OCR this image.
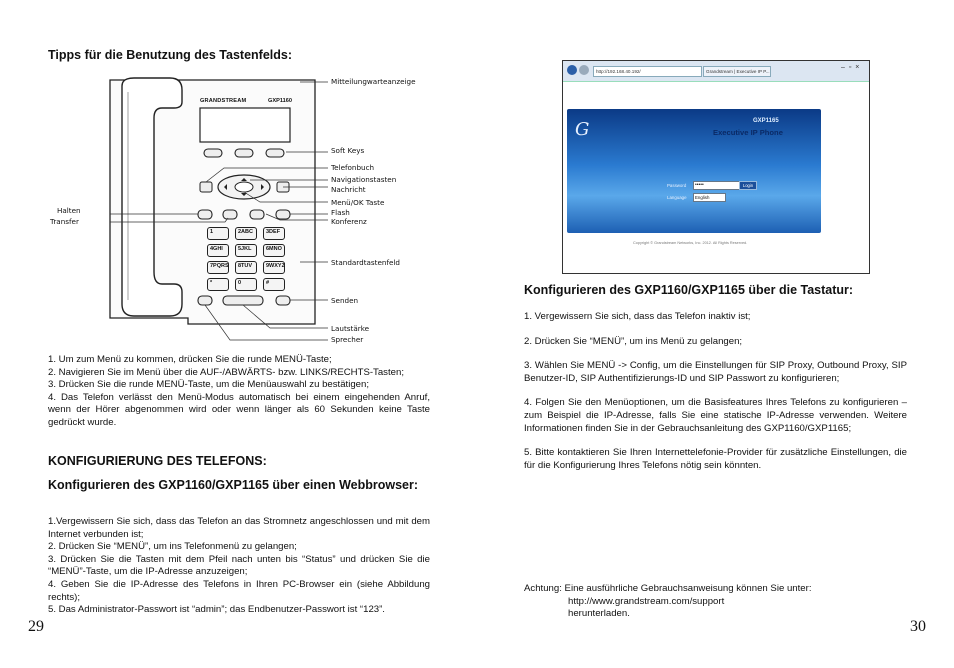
Tipps für die Benutzung des Tastenfelds:
GRANDSTREAM	GXP1160
1	2ABC 3DEF
4GHI	5JKL	6MNO
7PQRS 8TUV	9WXYZ
*	0	#
Mitteilungwarteanzeige
Soft Keys
Telefonbuch
Navigationstasten
Nachricht
Menü/OK Taste
Flash
Konferenz
Standardtastenfeld
Senden
Lautstärke
Sprecher
Halten
Transfer

1. Um zum Menü zu kommen, drücken Sie die runde MENÜ-Taste;

2. Navigieren Sie im Menü über die AUF-/ABWÄRTS- bzw. LINKS/RECHTS-Tasten;

3. Drücken Sie die runde MENÜ-Taste, um die Menüauswahl zu bestätigen;

4. Das Telefon verlässt den Menü-Modus automatisch bei einem eingehenden Anruf, wenn der Hörer abgenommen wird oder wenn länger als 60 Sekunden keine Taste gedrückt wurde.

KONFIGURIERUNG DES TELEFONS:
Konfigurieren des GXP1160/GXP1165 über einen Webbrowser:

1.Vergewissern Sie sich, dass das Telefon an das Stromnetz angeschlossen und mit dem Internet verbunden ist;

2. Drücken Sie “MENÜ”, um ins Telefonmenü zu gelangen;

3. Drücken Sie die Tasten mit dem Pfeil nach unten bis “Status” und drücken Sie die “MENÜ”-Taste, um die IP-Adresse anzuzeigen;

4. Geben Sie die IP-Adresse des Telefons in Ihren PC-Browser ein (siehe Abbildung rechts);

5. Das Administrator-Passwort ist “admin”; das Endbenutzer-Passwort ist “123”.

29
http://192.168.40.192/	Grandstream | Executive IP P...
– ▫ ×
G	GXP1165
Executive IP Phone
Password	•••••	Login
Language	English
Copyright © Grandstream Networks, Inc. 2012. All Rights Reserved.
Konfigurieren des GXP1160/GXP1165 über die Tastatur:

1. Vergewissern Sie sich, dass das Telefon inaktiv ist;

2. Drücken Sie “MENÜ”, um ins Menü zu gelangen;

3. Wählen Sie MENÜ -> Config, um die Einstellungen für SIP Proxy, Outbound Proxy, SIP Benutzer-ID, SIP Authentifizierungs-ID und SIP Passwort zu konfigurieren;

4. Folgen Sie den Menüoptionen, um die Basisfeatures Ihres Telefons zu konfigurieren – zum Beispiel die IP-Adresse, falls Sie eine statische IP-Adresse verwenden. Weitere Informationen finden Sie in der Gebrauchsanleitung des GXP1160/GXP1165;

5. Bitte kontaktieren Sie Ihren Internettelefonie-Provider für zusätzliche Einstellungen, die für die Konfigurierung Ihres Telefons nötig sein könnten.

Achtung: Eine ausführliche Gebrauchsanweisung können Sie unter:

http://www.grandstream.com/support

herunterladen.

30
